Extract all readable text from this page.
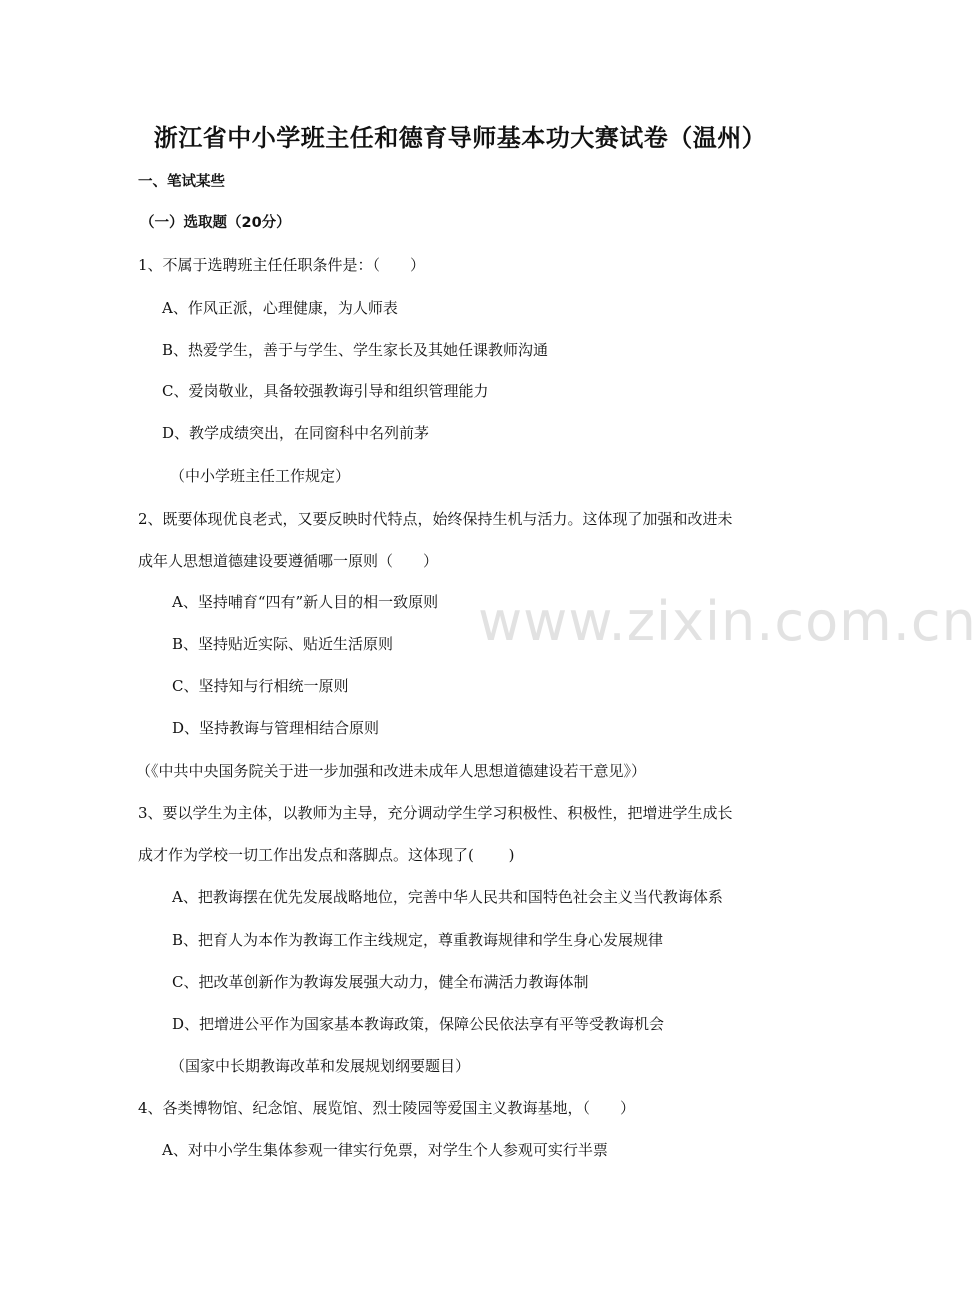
浙江省中小学班主任和德育导师基本功大赛试卷（温州）
一、笔试某些
（一）选取题（20分）
1、不属于选聘班主任任职条件是：（　　）
A、作风正派，心理健康，为人师表
B、热爱学生，善于与学生、学生家长及其她任课教师沟通
C、爱岗敬业，具备较强教诲引导和组织管理能力
D、教学成绩突出，在同窗科中名列前茅
（中小学班主任工作规定）
2、既要体现优良老式，又要反映时代特点，始终保持生机与活力。这体现了加强和改进未
成年人思想道德建设要遵循哪一原则（　　）
A、坚持哺育“四有”新人目的相一致原则
B、坚持贴近实际、贴近生活原则
C、坚持知与行相统一原则
D、坚持教诲与管理相结合原则
（《中共中央国务院关于进一步加强和改进未成年人思想道德建设若干意见》）
3、要以学生为主体，以教师为主导，充分调动学生学习积极性、积极性，把增进学生成长
成才作为学校一切工作出发点和落脚点。这体现了(　　 )
A、把教诲摆在优先发展战略地位，完善中华人民共和国特色社会主义当代教诲体系
B、把育人为本作为教诲工作主线规定，尊重教诲规律和学生身心发展规律
C、把改革创新作为教诲发展强大动力，健全布满活力教诲体制
D、把增进公平作为国家基本教诲政策，保障公民依法享有平等受教诲机会
（国家中长期教诲改革和发展规划纲要题目）
4、各类博物馆、纪念馆、展览馆、烈士陵园等爱国主义教诲基地，（　　）
A、对中小学生集体参观一律实行免票，对学生个人参观可实行半票
www.zixin.com.cn
